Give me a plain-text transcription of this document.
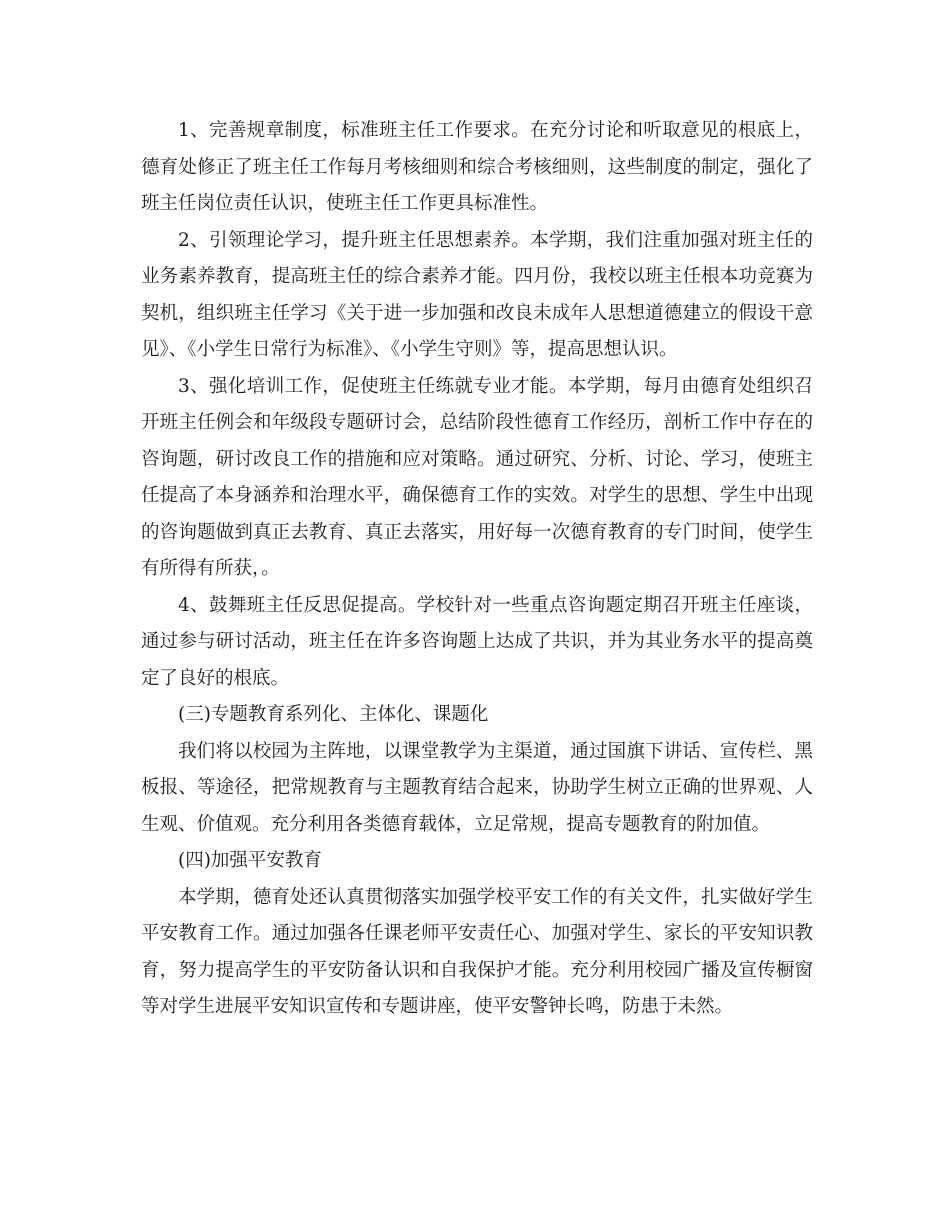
1、完善规章制度，标准班主任工作要求。在充分讨论和听取意见的根底上，德育处修正了班主任工作每月考核细则和综合考核细则，这些制度的制定，强化了班主任岗位责任认识，使班主任工作更具标准性。

2、引领理论学习，提升班主任思想素养。本学期，我们注重加强对班主任的业务素养教育，提高班主任的综合素养才能。四月份，我校以班主任根本功竞赛为契机，组织班主任学习《关于进一步加强和改良未成年人思想道德建立的假设干意见》、《小学生日常行为标准》、《小学生守则》等，提高思想认识。

3、强化培训工作，促使班主任练就专业才能。本学期，每月由德育处组织召开班主任例会和年级段专题研讨会，总结阶段性德育工作经历，剖析工作中存在的咨询题，研讨改良工作的措施和应对策略。通过研究、分析、讨论、学习，使班主任提高了本身涵养和治理水平，确保德育工作的实效。对学生的思想、学生中出现的咨询题做到真正去教育、真正去落实，用好每一次德育教育的专门时间，使学生有所得有所获，。

4、鼓舞班主任反思促提高。学校针对一些重点咨询题定期召开班主任座谈，通过参与研讨活动，班主任在许多咨询题上达成了共识，并为其业务水平的提高奠定了良好的根底。

(三)专题教育系列化、主体化、课题化

我们将以校园为主阵地，以课堂教学为主渠道，通过国旗下讲话、宣传栏、黑板报、等途径，把常规教育与主题教育结合起来，协助学生树立正确的世界观、人生观、价值观。充分利用各类德育载体，立足常规，提高专题教育的附加值。

(四)加强平安教育

本学期，德育处还认真贯彻落实加强学校平安工作的有关文件，扎实做好学生平安教育工作。通过加强各任课老师平安责任心、加强对学生、家长的平安知识教育，努力提高学生的平安防备认识和自我保护才能。充分利用校园广播及宣传橱窗等对学生进展平安知识宣传和专题讲座，使平安警钟长鸣，防患于未然。
